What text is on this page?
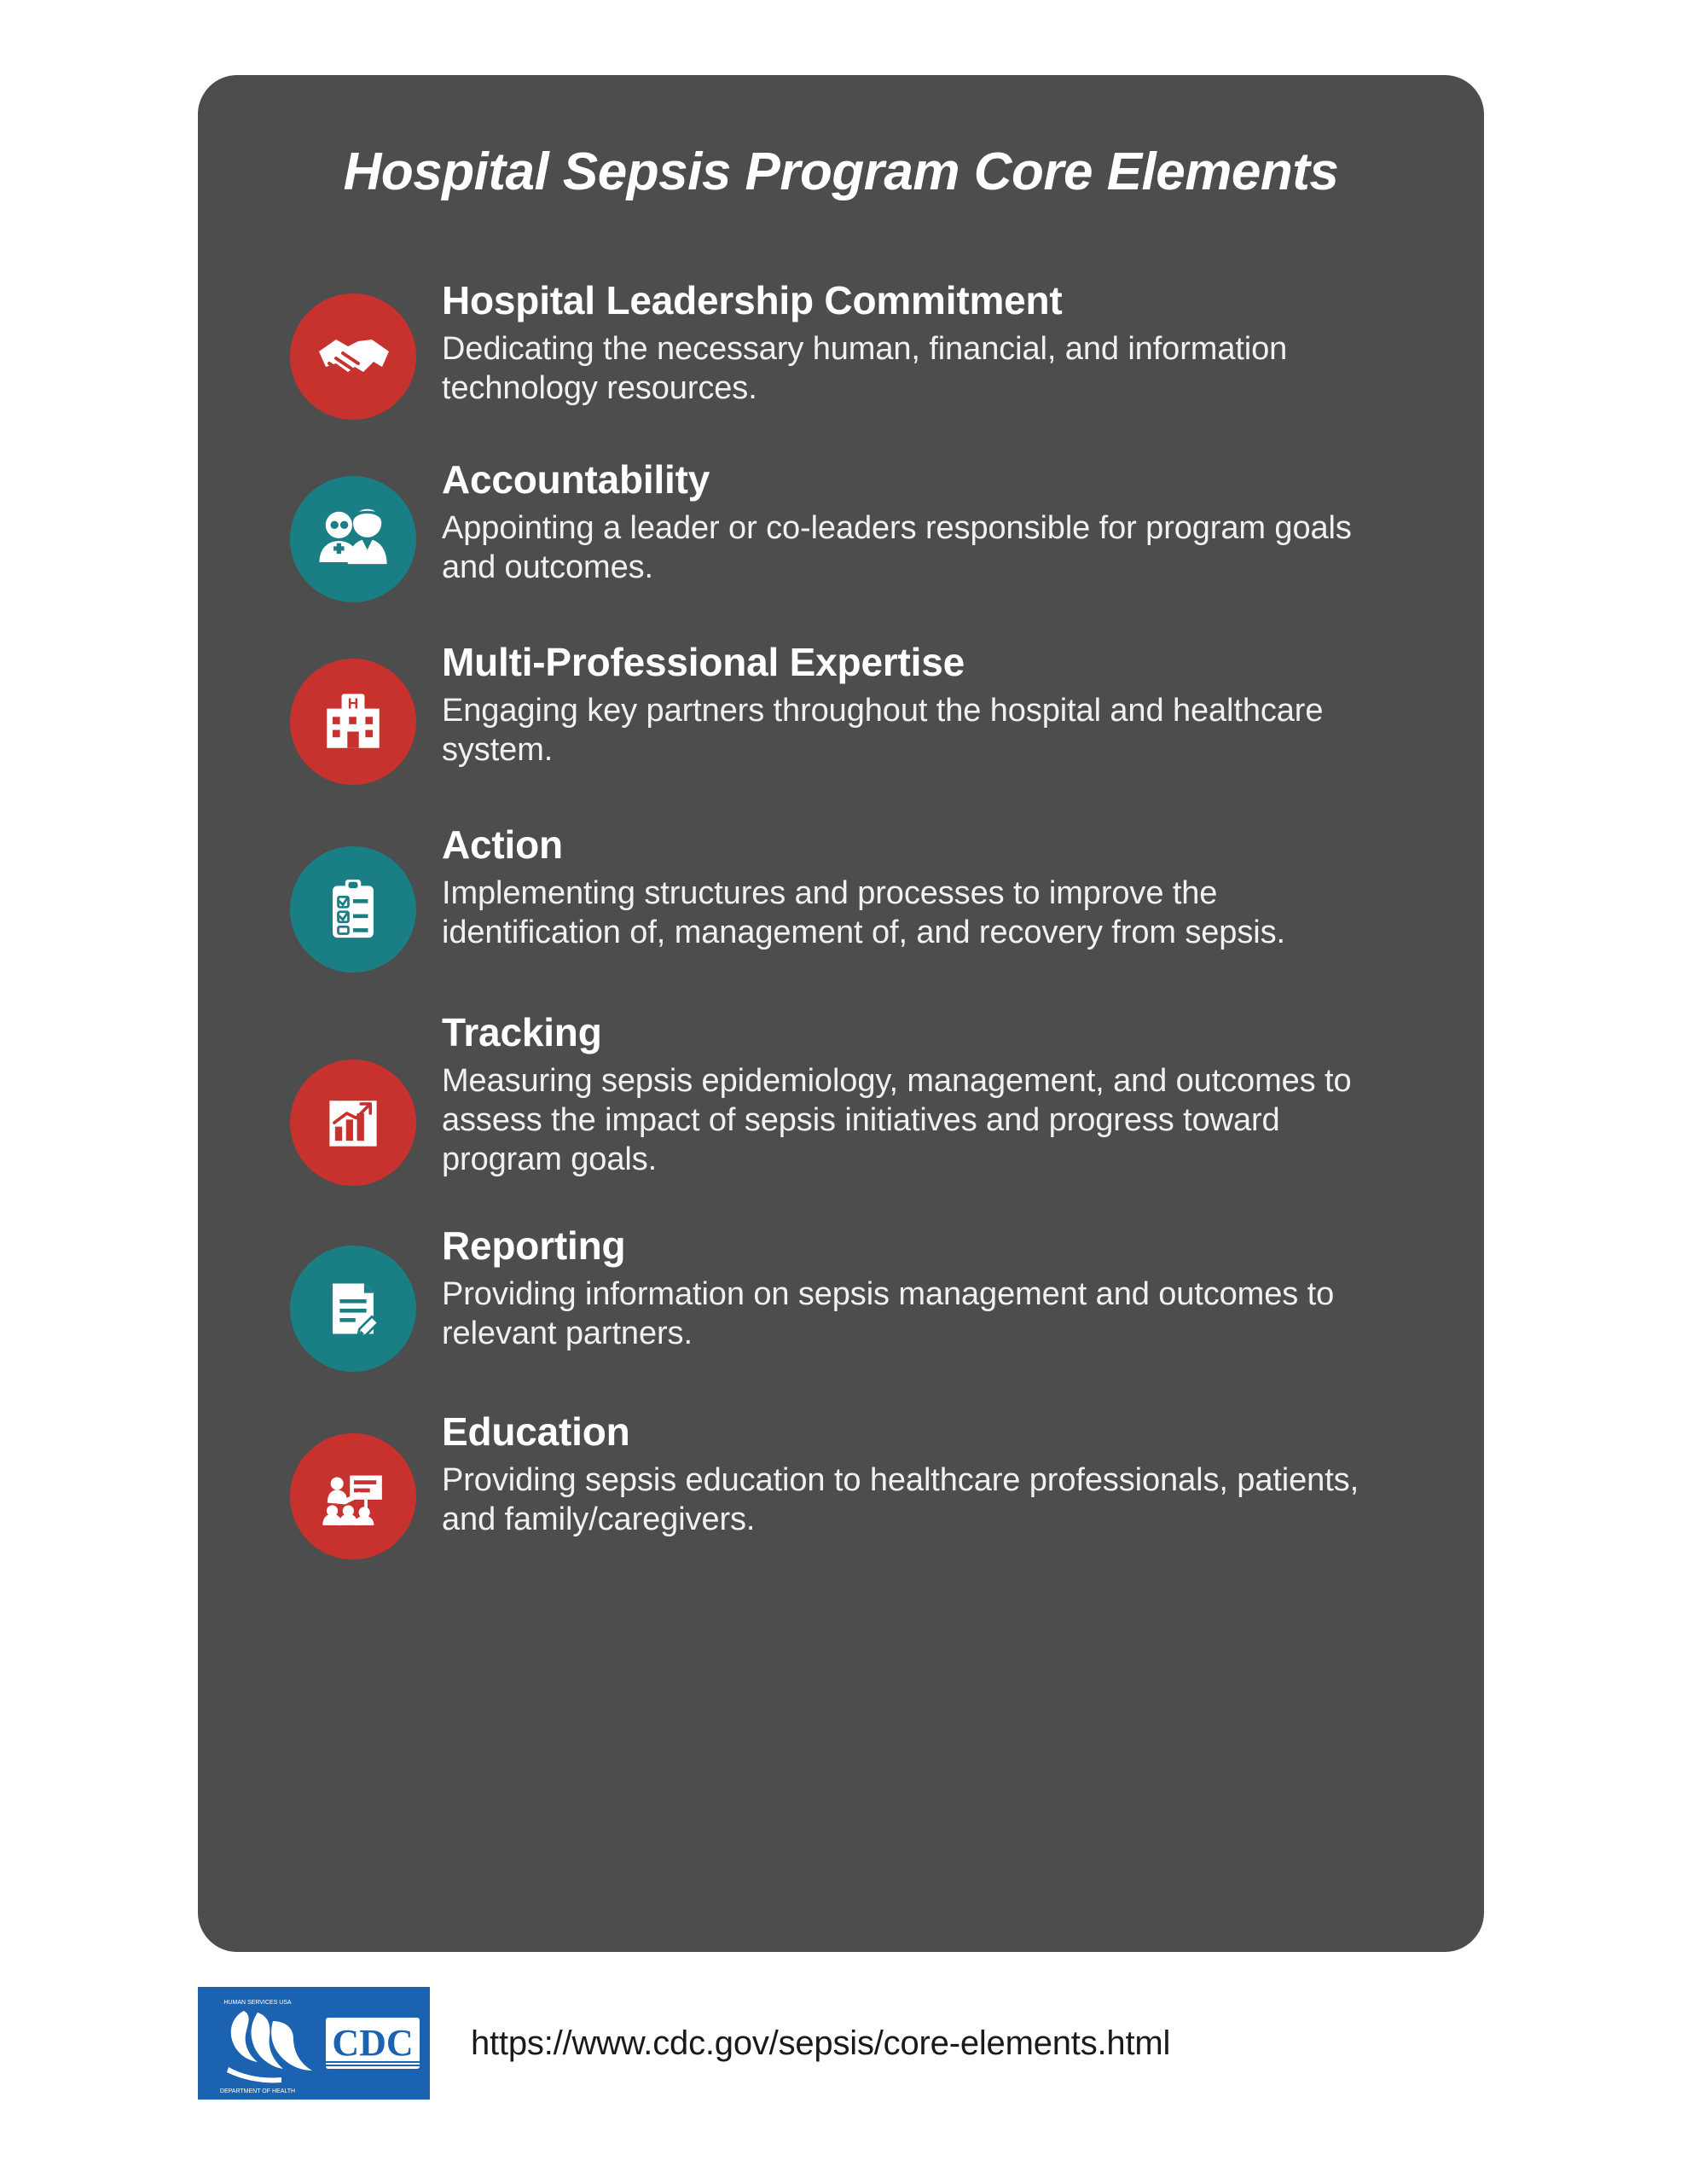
Hospital Sepsis Program Core Elements

Hospital Leadership Commitment

Dedicating the necessary human, financial, and information technology resources.

Accountability

Appointing a leader or co-leaders responsible for program goals and outcomes.

H

Multi-Professional Expertise

Engaging key partners throughout the hospital and healthcare system.

Action

Implementing structures and processes to improve the identification of, management of, and recovery from sepsis.

Tracking

Measuring sepsis epidemiology, management, and outcomes to assess the impact of sepsis initiatives and progress toward program goals.

Reporting

Providing information on sepsis management and outcomes to relevant partners.

Education

Providing sepsis education to healthcare professionals, patients, and family/caregivers.

CDC
HUMAN SERVICES USA
DEPARTMENT OF HEALTH
https://www.cdc.gov/sepsis/core-elements.html
